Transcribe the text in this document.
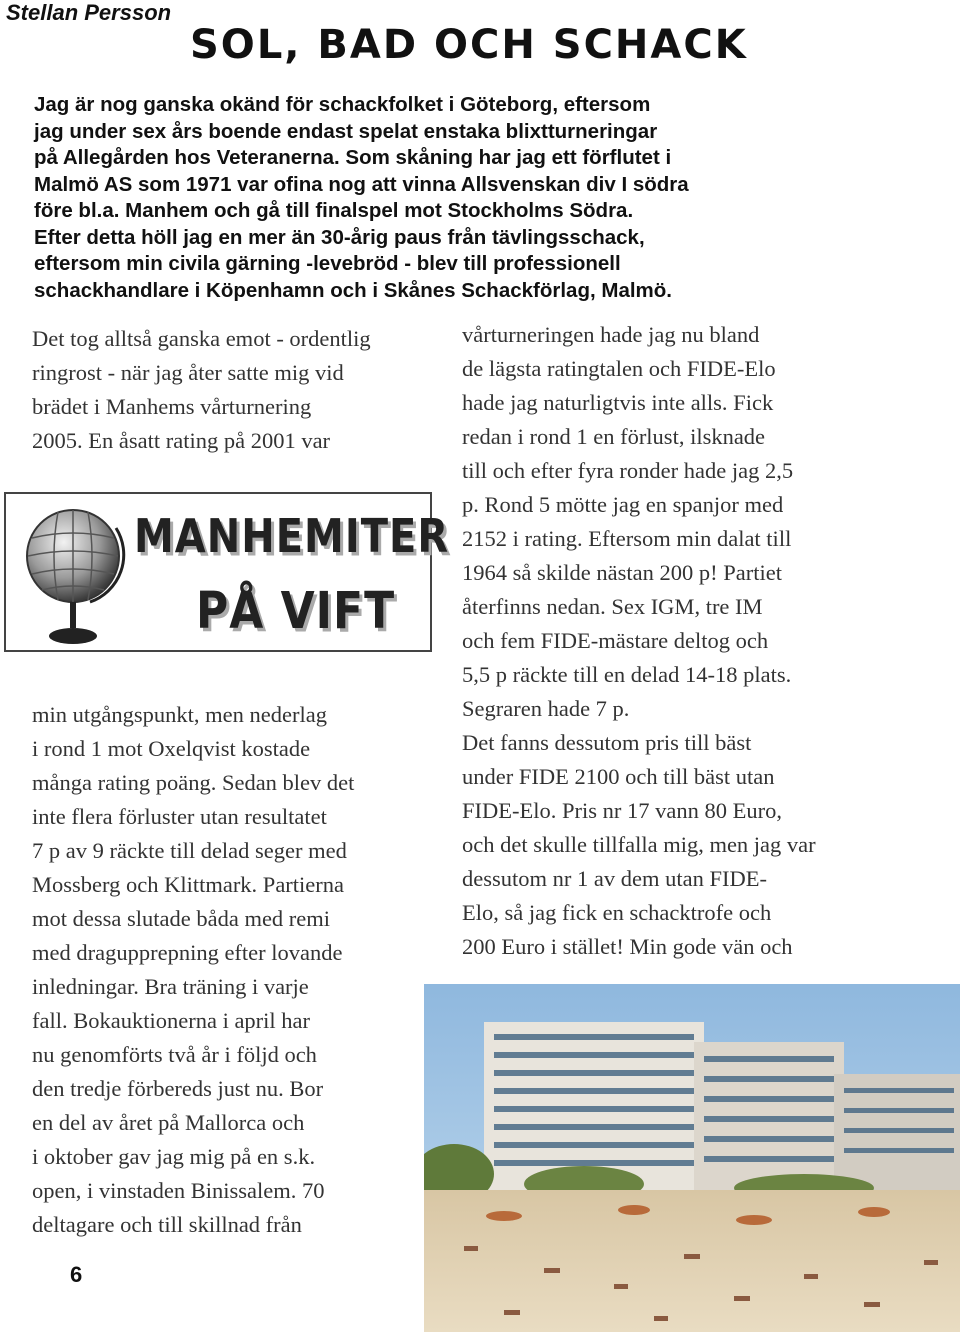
Stellan Persson
SOL, BAD OCH SCHACK
Jag är nog ganska okänd för schackfolket i Göteborg, eftersom
jag under sex års boende endast spelat enstaka blixtturneringar
på Allegården hos Veteranerna. Som skåning har jag ett förflutet i
Malmö AS som 1971 var ofina nog att vinna Allsvenskan div I södra
före bl.a. Manhem och gå till finalspel mot Stockholms Södra.
Efter detta höll jag en mer än 30-årig paus från tävlingsschack,
eftersom min civila gärning -levebröd - blev till professionell
schackhandlare i Köpenhamn och i Skånes Schackförlag, Malmö.
Det tog alltså ganska emot - ordentlig
ringrost - när jag åter satte mig vid
brädet i Manhems vårturnering
2005. En åsatt rating på 2001 var
MANHEMITER
PÅ VIFT
min utgångspunkt, men nederlag
i rond 1 mot Oxelqvist kostade
många rating poäng. Sedan blev det
inte flera förluster utan resultatet
7 p av 9 räckte till delad seger med
Mossberg och Klittmark. Partierna
mot dessa slutade båda med remi
med dragupprepning efter lovande
inledningar. Bra träning i varje
fall. Bokauktionerna i april har
nu genomförts två år i följd och
den tredje förbereds just nu. Bor
en del av året på Mallorca och
i oktober gav jag mig på en s.k.
open, i vinstaden Binissalem. 70
deltagare och till skillnad från
vårturneringen hade jag nu bland
de lägsta ratingtalen och FIDE-Elo
hade jag naturligtvis inte alls. Fick
redan i rond 1 en förlust, ilsknade
till och efter fyra ronder hade jag 2,5
p. Rond 5 mötte jag en spanjor med
2152 i rating. Eftersom min dalat till
1964 så skilde nästan 200 p! Partiet
återfinns nedan. Sex IGM, tre IM
och fem FIDE-mästare deltog och
5,5 p räckte till en delad 14-18 plats.
Segraren hade 7 p.
Det fanns dessutom pris till bäst
under FIDE 2100 och till bäst utan
FIDE-Elo. Pris nr 17 vann 80 Euro,
och det skulle tillfalla mig, men jag var
dessutom nr 1 av dem utan FIDE-
Elo, så jag fick en schacktrofe och
200 Euro i stället! Min gode vän och
6
